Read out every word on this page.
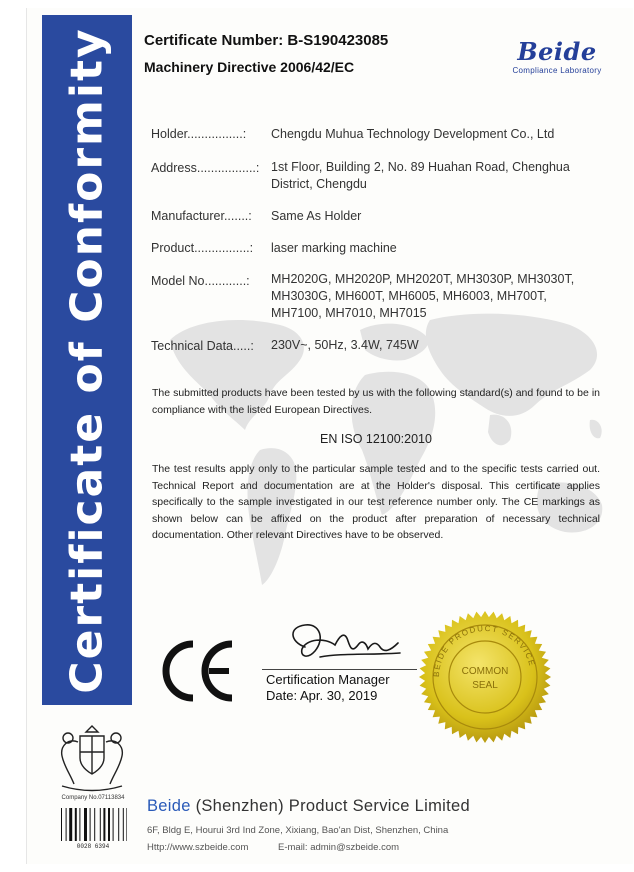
Certificate of Conformity Certificate Number: B-S190423085
Machinery Directive 2006/42/EC
Beide
Compliance Laboratory
Holder................: Chengdu Muhua Technology Development Co., Ltd
Address.................: 1st Floor, Building 2, No. 89 Huahan Road, Chenghua District, Chengdu
Manufacturer.......: Same As Holder
Product................: laser marking machine
Model No............: MH2020G, MH2020P, MH2020T, MH3030P, MH3030T, MH3030G, MH600T, MH6005, MH6003, MH700T, MH7100, MH7010, MH7015
Technical Data.....: 230V~, 50Hz, 3.4W, 745W
The submitted products have been tested by us with the following standard(s) and found to be in compliance with the listed European Directives.
EN ISO 12100:2010
The test results apply only to the particular sample tested and to the specific tests carried out. Technical Report and documentation are at the Holder's disposal. This certificate applies specifically to the sample investigated in our test reference number only. The CE markings as shown below can be affixed on the product after preparation of necessary technical documentation. Other relevant Directives have to be observed.
Certification Manager
Date: Apr. 30, 2019
BEIDE PRODUCT SERVICE
COMMON
SEAL
Company No.07113834
0028 6394
Beide (Shenzhen) Product Service Limited
6F, Bldg E, Hourui 3rd Ind Zone, Xixiang, Bao'an Dist, Shenzhen, China
Http://www.szbeide.com	E-mail: admin@szbeide.com
